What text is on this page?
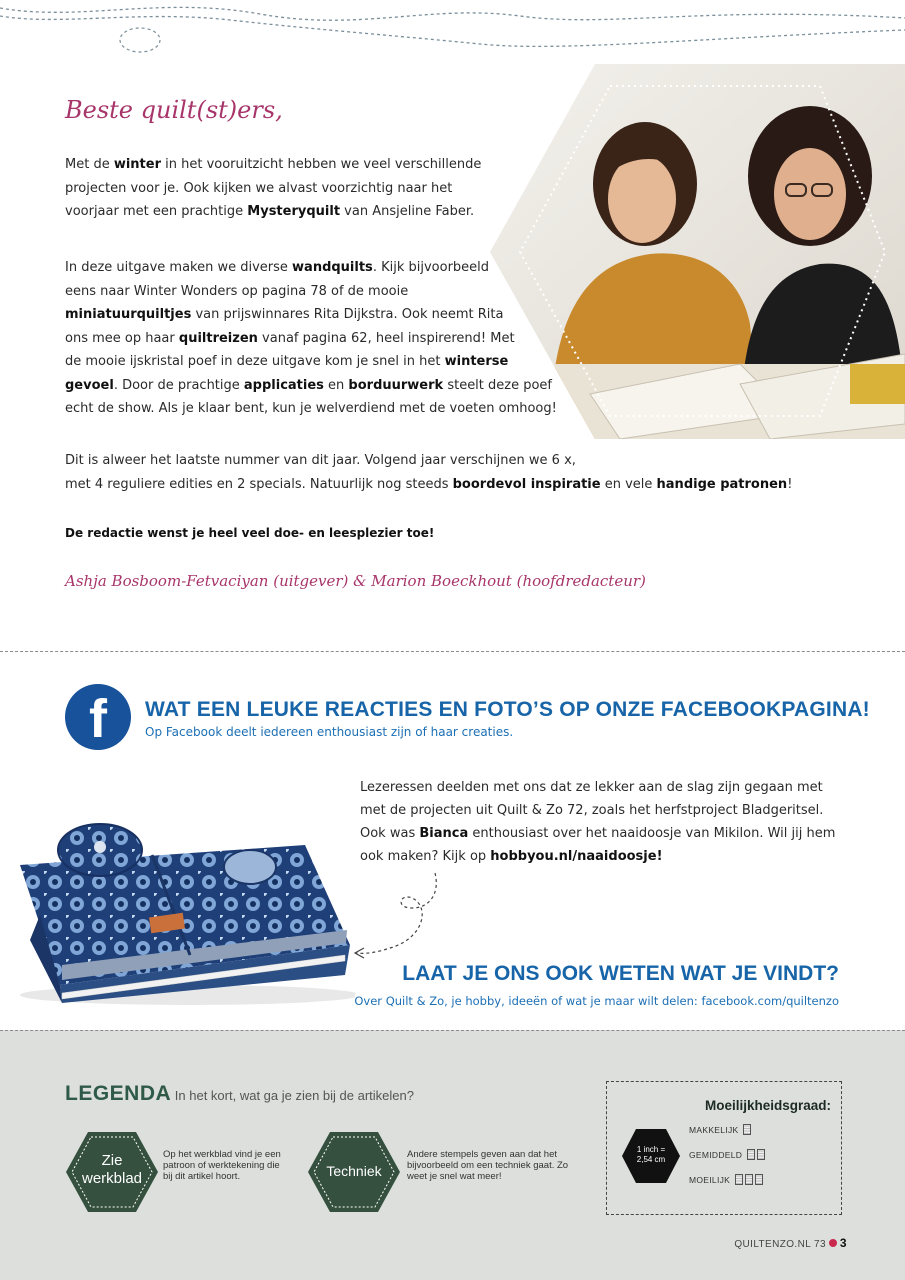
Beste quilt(st)ers,
Met de winter in het vooruitzicht hebben we veel verschillende
projecten voor je. Ook kijken we alvast voorzichtig naar het
voorjaar met een prachtige Mysteryquilt van Ansjeline Faber.
In deze uitgave maken we diverse wandquilts. Kijk bijvoorbeeld
eens naar Winter Wonders op pagina 78 of de mooie
miniatuurquiltjes van prijswinnares Rita Dijkstra. Ook neemt Rita
ons mee op haar quiltreizen vanaf pagina 62, heel inspirerend! Met
de mooie ijskristal poef in deze uitgave kom je snel in het winterse
gevoel. Door de prachtige applicaties en borduurwerk steelt deze poef
echt de show. Als je klaar bent, kun je welverdiend met de voeten omhoog!
Dit is alweer het laatste nummer van dit jaar. Volgend jaar verschijnen we 6 x,
met 4 reguliere edities en 2 specials. Natuurlijk nog steeds boordevol inspiratie en vele handige patronen!
De redactie wenst je heel veel doe- en leesplezier toe!
Ashja Bosboom-Fetvaciyan (uitgever) & Marion Boeckhout (hoofdredacteur)
f	WAT EEN LEUKE REACTIES EN FOTO’S OP ONZE FACEBOOKPAGINA!
Op Facebook deelt iedereen enthousiast zijn of haar creaties.
Lezeressen deelden met ons dat ze lekker aan de slag zijn gegaan met
met de projecten uit Quilt & Zo 72, zoals het herfstproject Bladgeritsel.
Ook was Bianca enthousiast over het naaidoosje van Mikilon. Wil jij hem
ook maken? Kijk op hobbyou.nl/naaidoosje!
LAAT JE ONS OOK WETEN WAT JE VINDT?
Over Quilt & Zo, je hobby, ideeën of wat je maar wilt delen: facebook.com/quiltenzo
LEGENDA In het kort, wat ga je zien bij de artikelen?
Zie
werkblad
Op het werkblad vind je een patroon of werktekening die bij dit artikel hoort.	Techniek
Andere stempels geven aan dat het bijvoorbeeld om een techniek gaat. Zo weet je snel wat meer!
Moeilijkheidsgraad:
1 inch =
2,54 cm
MAKKELIJK
GEMIDDELD
MOEILIJK
QUILTENZO.NL 73 3
